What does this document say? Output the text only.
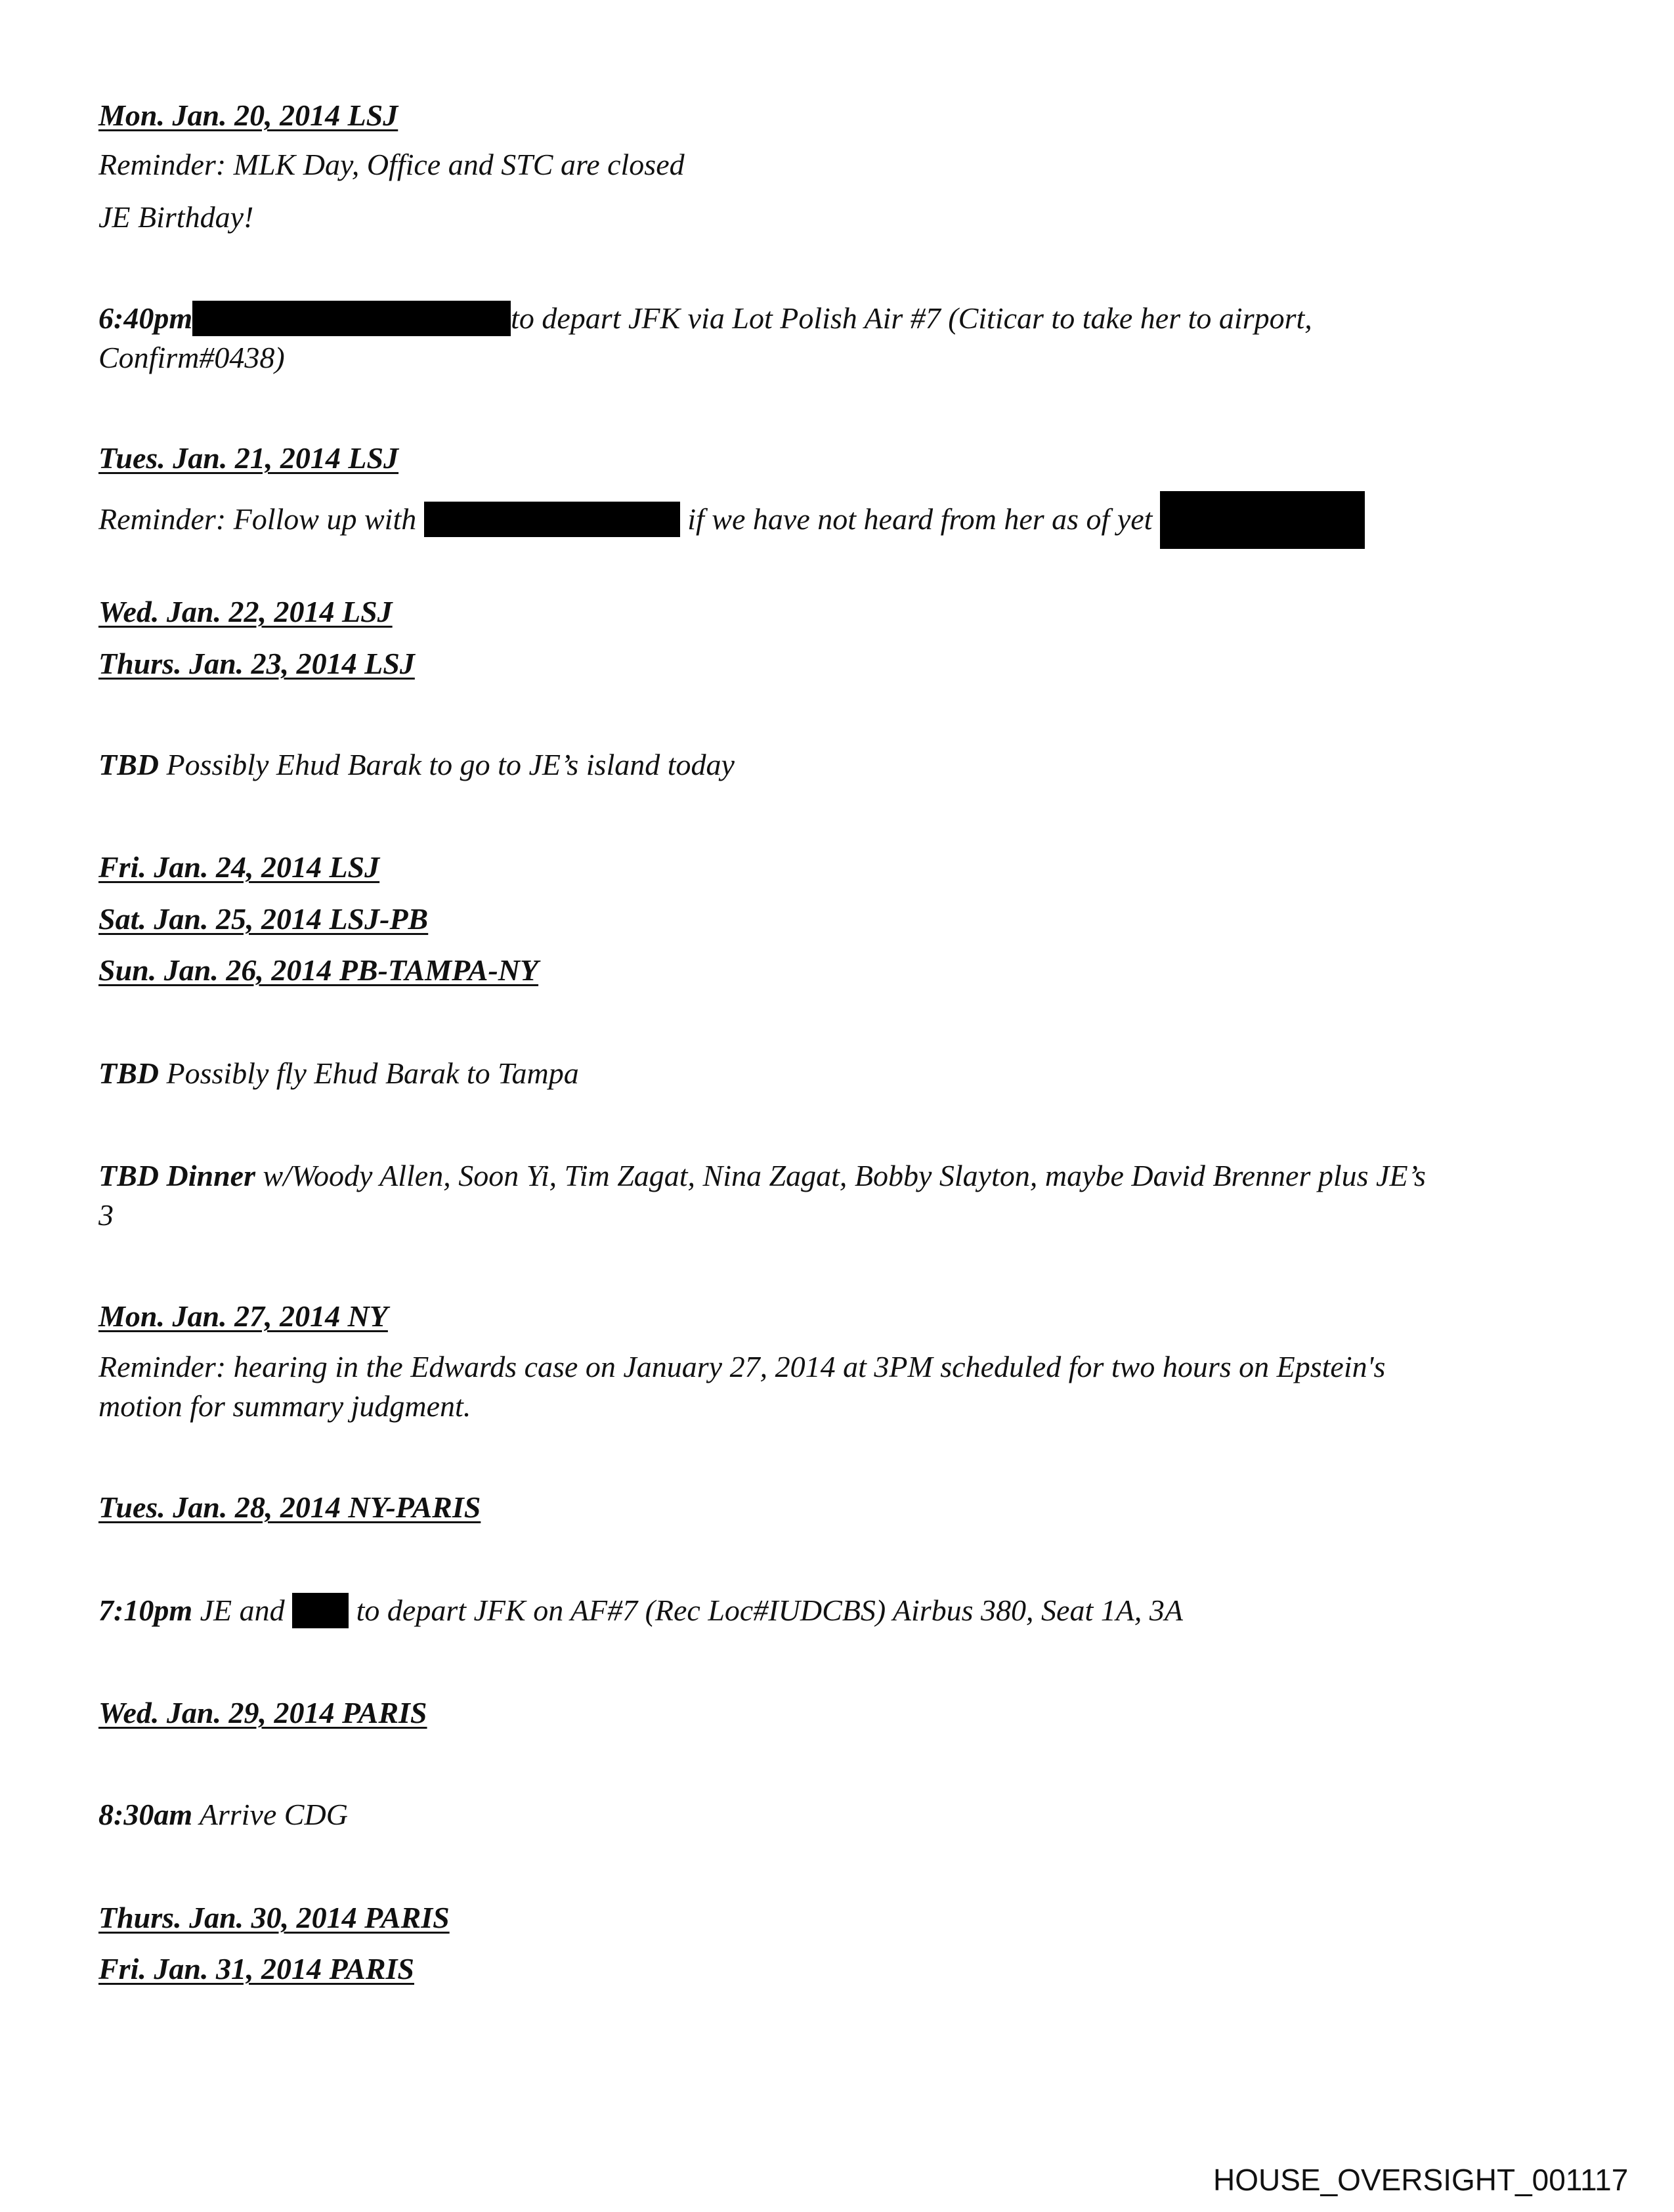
Mon. Jan. 20, 2014 LSJ

Reminder: MLK Day, Office and STC are closed

JE Birthday!

6:40pm	to depart JFK via Lot Polish Air #7 (Citicar to take her to airport,

Confirm#0438)

Tues. Jan. 21, 2014 LSJ

Reminder: Follow up with	if we have not heard from her as of yet

Wed. Jan. 22, 2014 LSJ

Thurs. Jan. 23, 2014 LSJ

TBD Possibly Ehud Barak to go to JE’s island today

Fri. Jan. 24, 2014 LSJ

Sat. Jan. 25, 2014 LSJ-PB

Sun. Jan. 26, 2014 PB-TAMPA-NY

TBD Possibly fly Ehud Barak to Tampa

TBD Dinner w/Woody Allen, Soon Yi, Tim Zagat, Nina Zagat, Bobby Slayton, maybe David Brenner plus JE’s

3

Mon. Jan. 27, 2014 NY

Reminder: hearing in the Edwards case on January 27, 2014 at 3PM scheduled for two hours on Epstein's

motion for summary judgment.

Tues. Jan. 28, 2014 NY-PARIS

7:10pm JE and  to depart JFK on AF#7 (Rec Loc#IUDCBS) Airbus 380, Seat 1A, 3A

Wed. Jan. 29, 2014 PARIS

8:30am Arrive CDG

Thurs. Jan. 30, 2014 PARIS

Fri. Jan. 31, 2014 PARIS

HOUSE_OVERSIGHT_001117
